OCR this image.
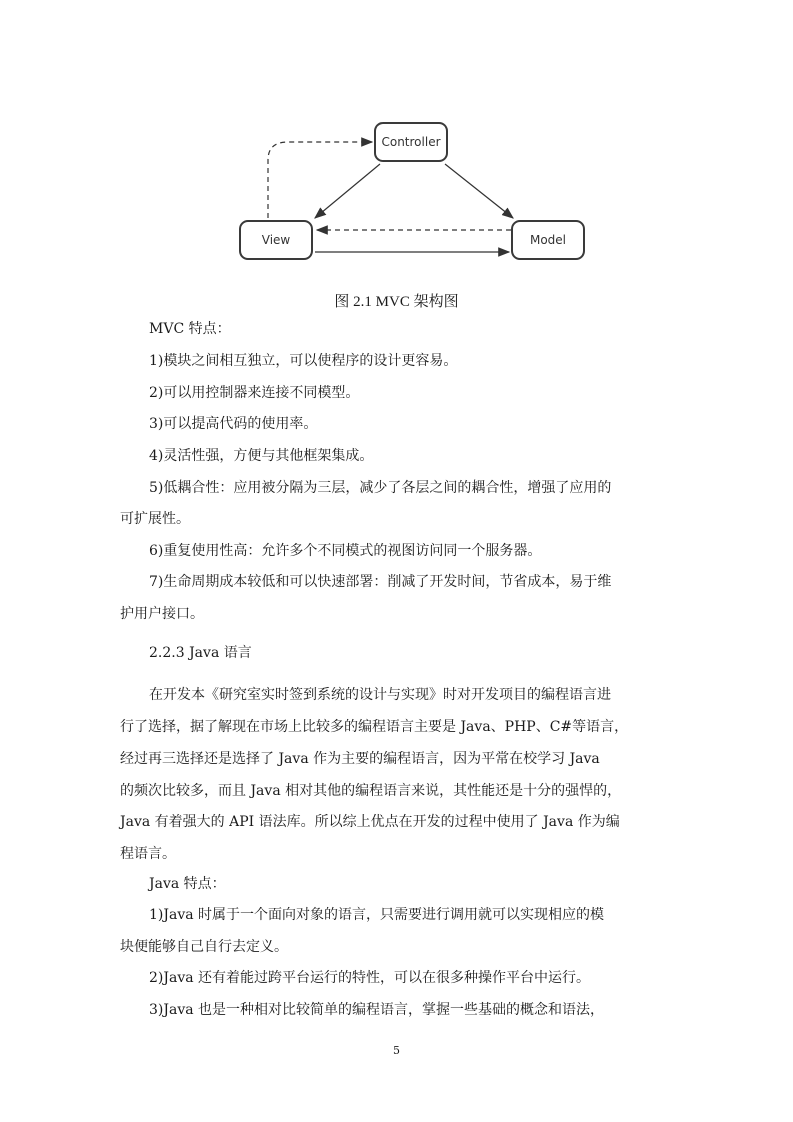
Controller
View	Model
图 2.1 MVC 架构图
MVC 特点：
1)模块之间相互独立，可以使程序的设计更容易。
2)可以用控制器来连接不同模型。
3)可以提高代码的使用率。
4)灵活性强，方便与其他框架集成。
5)低耦合性：应用被分隔为三层，减少了各层之间的耦合性，增强了应用的
可扩展性。
6)重复使用性高：允许多个不同模式的视图访问同一个服务器。
7)生命周期成本较低和可以快速部署：削减了开发时间，节省成本，易于维
护用户接口。
2.2.3 Java 语言
在开发本《研究室实时签到系统的设计与实现》时对开发项目的编程语言进
行了选择，据了解现在市场上比较多的编程语言主要是 Java、PHP、C#等语言，
经过再三选择还是选择了 Java 作为主要的编程语言，因为平常在校学习 Java
的频次比较多，而且 Java 相对其他的编程语言来说，其性能还是十分的强悍的，
Java 有着强大的 API 语法库。所以综上优点在开发的过程中使用了 Java 作为编
程语言。
Java 特点：
1)Java 时属于一个面向对象的语言，只需要进行调用就可以实现相应的模
块便能够自己自行去定义。
2)Java 还有着能过跨平台运行的特性，可以在很多种操作平台中运行。
3)Java 也是一种相对比较简单的编程语言，掌握一些基础的概念和语法，
5
